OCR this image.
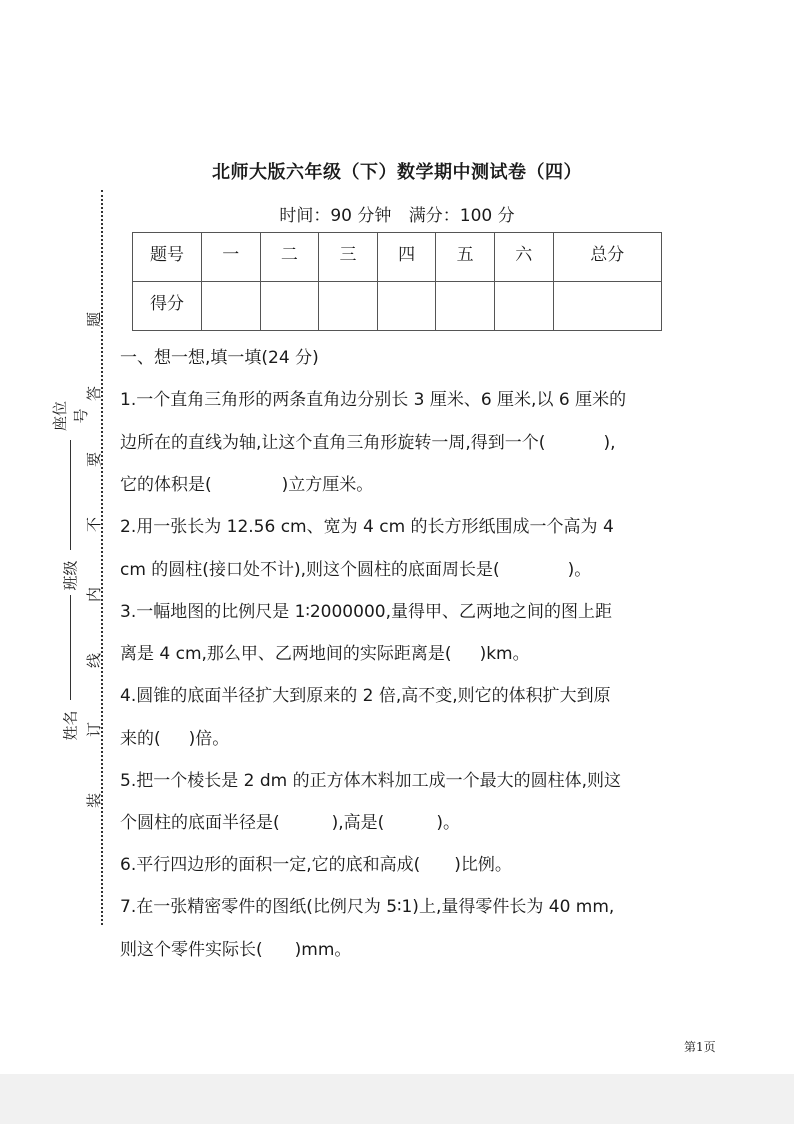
座位号
班级
姓名
题
答
要
不
内
线
订
装
北师大版六年级（下）数学期中测试卷（四）
时间：90 分钟 满分：100 分
题号	一	二	三	四	五	六	总分
得分							
一、想一想,填一填(24 分)
1.一个直角三角形的两条直角边分别长 3 厘米、6 厘米,以 6 厘米的
边所在的直线为轴,让这个直角三角形旋转一周,得到一个(	),
它的体积是(	)立方厘米。
2.用一张长为 12.56 cm、宽为 4 cm 的长方形纸围成一个高为 4
cm 的圆柱(接口处不计),则这个圆柱的底面周长是(	)。
3.一幅地图的比例尺是 1∶2000000,量得甲、乙两地之间的图上距
离是 4 cm,那么甲、乙两地间的实际距离是( )km。
4.圆锥的底面半径扩大到原来的 2 倍,高不变,则它的体积扩大到原
来的( )倍。
5.把一个棱长是 2 dm 的正方体木料加工成一个最大的圆柱体,则这
个圆柱的底面半径是(	),高是(	)。
6.平行四边形的面积一定,它的底和高成( )比例。
7.在一张精密零件的图纸(比例尺为 5∶1)上,量得零件长为 40 mm,
则这个零件实际长( )mm。
第1页
